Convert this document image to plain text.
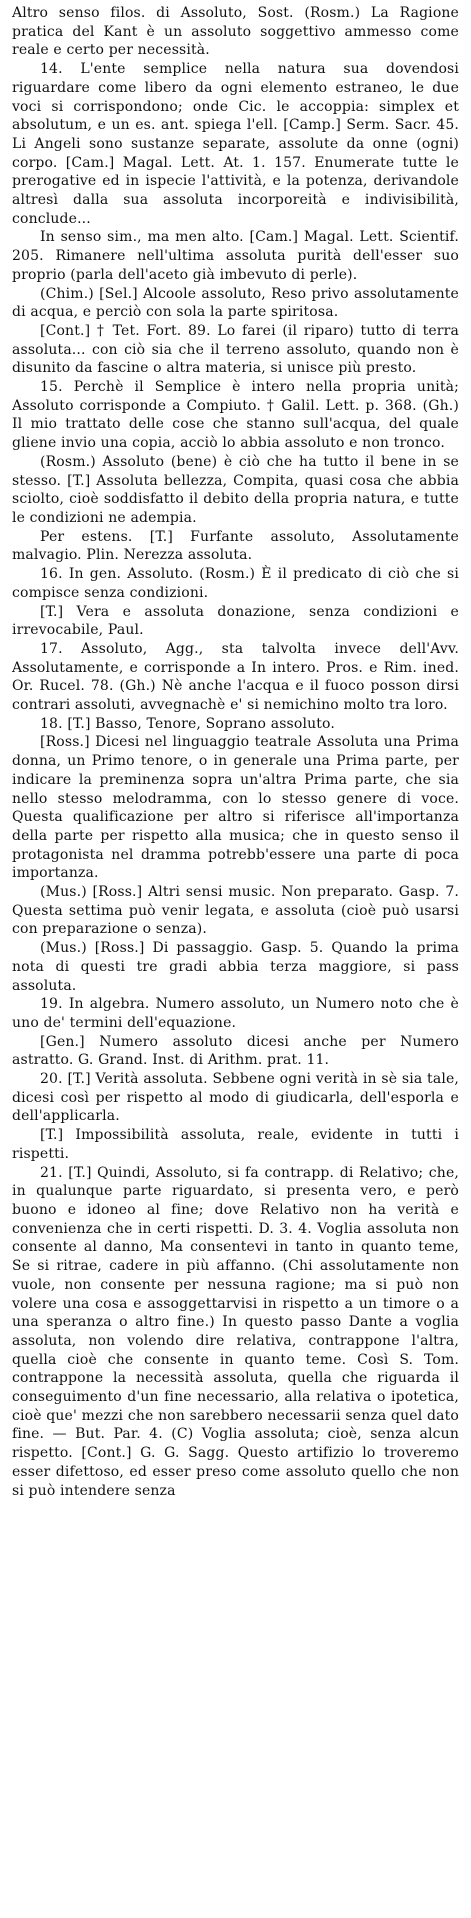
Altro senso filos. di Assoluto, Sost. (Rosm.) La Ragione pratica del Kant è un assoluto soggettivo ammesso come reale e certo per necessità.

14. L'ente semplice nella natura sua dovendosi riguardare come libero da ogni elemento estraneo, le due voci si corrispondono; onde Cic. le accoppia: simplex et absolutum, e un es. ant. spiega l'ell. [Camp.] Serm. Sacr. 45. Li Angeli sono sustanze separate, assolute da onne (ogni) corpo. [Cam.] Magal. Lett. At. 1. 157. Enumerate tutte le prerogative ed in ispecie l'attività, e la potenza, derivandole altresì dalla sua assoluta incorporeità e indivisibilità, conclude...

In senso sim., ma men alto. [Cam.] Magal. Lett. Scientif. 205. Rimanere nell'ultima assoluta purità dell'esser suo proprio (parla dell'aceto già imbevuto di perle).

(Chim.) [Sel.] Alcoole assoluto, Reso privo assolutamente di acqua, e perciò con sola la parte spiritosa.

[Cont.] † Tet. Fort. 89. Lo farei (il riparo) tutto di terra assoluta... con ciò sia che il terreno assoluto, quando non è disunito da fascine o altra materia, si unisce più presto.

15. Perchè il Semplice è intero nella propria unità; Assoluto corrisponde a Compiuto. † Galil. Lett. p. 368. (Gh.) Il mio trattato delle cose che stanno sull'acqua, del quale gliene invio una copia, acciò lo abbia assoluto e non tronco.

(Rosm.) Assoluto (bene) è ciò che ha tutto il bene in se stesso. [T.] Assoluta bellezza, Compita, quasi cosa che abbia sciolto, cioè soddisfatto il debito della propria natura, e tutte le condizioni ne adempia.

Per estens. [T.] Furfante assoluto, Assolutamente malvagio. Plin. Nerezza assoluta.

16. In gen. Assoluto. (Rosm.) È il predicato di ciò che si compisce senza condizioni.

[T.] Vera e assoluta donazione, senza condizioni e irrevocabile, Paul.

17. Assoluto, Agg., sta talvolta invece dell'Avv. Assolutamente, e corrisponde a In intero. Pros. e Rim. ined. Or. Rucel. 78. (Gh.) Nè anche l'acqua e il fuoco posson dirsi contrari assoluti, avvegnachè e' si nemichino molto tra loro.

18. [T.] Basso, Tenore, Soprano assoluto.

[Ross.] Dicesi nel linguaggio teatrale Assoluta una Prima donna, un Primo tenore, o in generale una Prima parte, per indicare la preminenza sopra un'altra Prima parte, che sia nello stesso melodramma, con lo stesso genere di voce. Questa qualificazione per altro si riferisce all'importanza della parte per rispetto alla musica; che in questo senso il protagonista nel dramma potrebb'essere una parte di poca importanza.

(Mus.) [Ross.] Altri sensi music. Non preparato. Gasp. 7. Questa settima può venir legata, e assoluta (cioè può usarsi con preparazione o senza).

(Mus.) [Ross.] Di passaggio. Gasp. 5. Quando la prima nota di questi tre gradi abbia terza maggiore, si pass assoluta.

19. In algebra. Numero assoluto, un Numero noto che è uno de' termini dell'equazione.

[Gen.] Numero assoluto dicesi anche per Numero astratto. G. Grand. Inst. di Arithm. prat. 11.

20. [T.] Verità assoluta. Sebbene ogni verità in sè sia tale, dicesi così per rispetto al modo di giudicarla, dell'esporla e dell'applicarla.

[T.] Impossibilità assoluta, reale, evidente in tutti i rispetti.

21. [T.] Quindi, Assoluto, si fa contrapp. di Relativo; che, in qualunque parte riguardato, si presenta vero, e però buono e idoneo al fine; dove Relativo non ha verità e convenienza che in certi rispetti. D. 3. 4. Voglia assoluta non consente al danno, Ma consentevi in tanto in quanto teme, Se si ritrae, cadere in più affanno. (Chi assolutamente non vuole, non consente per nessuna ragione; ma si può non volere una cosa e assoggettarvisi in rispetto a un timore o a una speranza o altro fine.) In questo passo Dante a voglia assoluta, non volendo dire relativa, contrappone l'altra, quella cioè che consente in quanto teme. Così S. Tom. contrappone la necessità assoluta, quella che riguarda il conseguimento d'un fine necessario, alla relativa o ipotetica, cioè que' mezzi che non sarebbero necessarii senza quel dato fine. — But. Par. 4. (C) Voglia assoluta; cioè, senza alcun rispetto. [Cont.] G. G. Sagg. Questo artifizio lo troveremo esser difettoso, ed esser preso come assoluto quello che non si può intendere senza
